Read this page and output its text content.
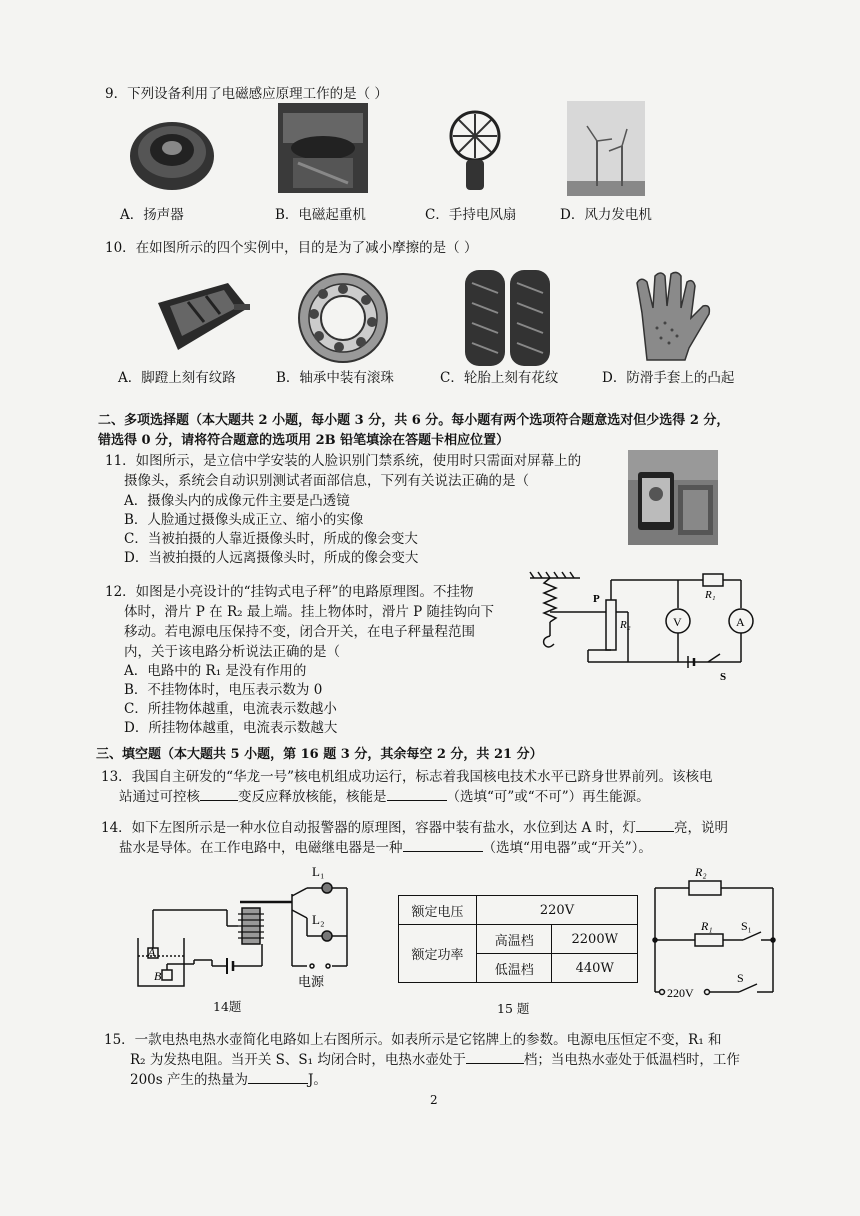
9．下列设备利用了电磁感应原理工作的是（ ）
A．扬声器	B．电磁起重机	C．手持电风扇	D．风力发电机
10．在如图所示的四个实例中，目的是为了减小摩擦的是（ ）
A．脚蹬上刻有纹路	B．轴承中装有滚珠	C．轮胎上刻有花纹	D．防滑手套上的凸起
二、多项选择题（本大题共 2 小题，每小题 3 分，共 6 分。每小题有两个选项符合题意选对但少选得 2 分，
错选得 0 分，请将符合题意的选项用 2B 铅笔填涂在答题卡相应位置）
11．如图所示，是立信中学安装的人脸识别门禁系统，使用时只需面对屏幕上的
摄像头，系统会自动识别测试者面部信息，下列有关说法正确的是（
A．摄像头内的成像元件主要是凸透镜
B．人脸通过摄像头成正立、缩小的实像
C．当被拍摄的人靠近摄像头时，所成的像会变大
D．当被拍摄的人远离摄像头时，所成的像会变大
12．如图是小亮设计的“挂钩式电子秤”的电路原理图。不挂物
体时，滑片 P 在 R₂ 最上端。挂上物体时，滑片 P 随挂钩向下
移动。若电源电压保持不变，闭合开关，在电子秤量程范围
内，关于该电路分析说法正确的是（
A．电路中的 R₁ 是没有作用的
B．不挂物体时，电压表示数为 0
C．所挂物体越重，电流表示数越小
D．所挂物体越重，电流表示数越大
P
R₂
R₁
V	A
S
三、填空题（本大题共 5 小题，第 16 题 3 分，其余每空 2 分，共 21 分）
13．我国自主研发的“华龙一号”核电机组成功运行，标志着我国核电技术水平已跻身世界前列。该核电
站通过可控核	变反应释放核能，核能是	（选填“可”或“不可”）再生能源。
14．如下左图所示是一种水位自动报警器的原理图，容器中装有盐水，水位到达 A 时，灯	亮，说明
盐水是导体。在工作电路中，电磁继电器是一种	（选填“用电器”或“开关”）。
L₁
L₂
A
B	电源
14题
额定电压	220V	
额定功率	高温档	2200W
	低温档	440W
15 题
R₂
R₁ S₁
S
220V
15．一款电热电热水壶简化电路如上右图所示。如表所示是它铭牌上的参数。电源电压恒定不变，R₁ 和
R₂ 为发热电阻。当开关 S、S₁ 均闭合时，电热水壶处于	档；当电热水壶处于低温档时，工作
200s 产生的热量为	J。
2
